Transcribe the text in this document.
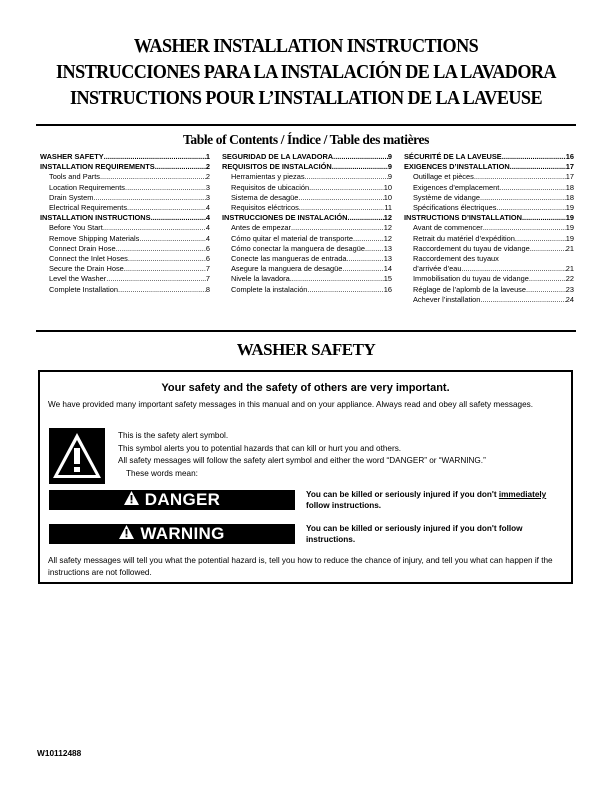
WASHER INSTALLATION INSTRUCTIONS
INSTRUCCIONES PARA LA INSTALACIÓN DE LA LAVADORA
INSTRUCTIONS POUR L’INSTALLATION DE LA LAVEUSE
Table of Contents / Índice / Table des matières
WASHER SAFETY .....	1
INSTALLATION REQUIREMENTS .....	2
Tools and Parts .....	2
Location Requirements .....	3
Drain System .....	3
Electrical Requirements .....	4
INSTALLATION INSTRUCTIONS .....	4
Before You Start .....	4
Remove Shipping Materials .....	4
Connect Drain Hose .....	6
Connect the Inlet Hoses .....	6
Secure the Drain Hose .....	7
Level the Washer .....	7
Complete Installation .....	8
SEGURIDAD DE LA LAVADORA .....	9
REQUISITOS DE INSTALACIÓN .....	9
Herramientas y piezas .....	9
Requisitos de ubicación .....	10
Sistema de desagüe .....	10
Requisitos eléctricos .....	11
INSTRUCCIONES DE INSTALACIÓN .....	12
Antes de empezar .....	12
Cómo quitar el material de transporte .....	12
Cómo conectar la manguera de desagüe .....	13
Conecte las mangueras de entrada .....	13
Asegure la manguera de desagüe .....	14
Nivele la lavadora .....	15
Complete la instalación .....	16
SÉCURITÉ DE LA LAVEUSE .....	16
EXIGENCES D’INSTALLATION .....	17
Outillage et pièces .....	17
Exigences d’emplacement .....	18
Système de vidange .....	18
Spécifications électriques .....	19
INSTRUCTIONS D’INSTALLATION .....	19
Avant de commencer .....	19
Retrait du matériel d’expédition .....	19
Raccordement du tuyau de vidange .....	21
Raccordement des tuyaux
d’arrivée d’eau .....	21
Immobilisation du tuyau de vidange .....	22
Réglage de l’aplomb de la laveuse .....	23
Achever l’installation .....	24
WASHER SAFETY
Your safety and the safety of others are very important.
We have provided many important safety messages in this manual and on your appliance. Always read and obey all safety messages.
This is the safety alert symbol.
This symbol alerts you to potential hazards that can kill or hurt you and others.
All safety messages will follow the safety alert symbol and either the word “DANGER” or “WARNING.”
These words mean:
DANGER	You can be killed or seriously injured if you don't immediately follow instructions.
WARNING	You can be killed or seriously injured if you don't follow instructions.
All safety messages will tell you what the potential hazard is, tell you how to reduce the chance of injury, and tell you what can happen if the instructions are not followed.
W10112488
